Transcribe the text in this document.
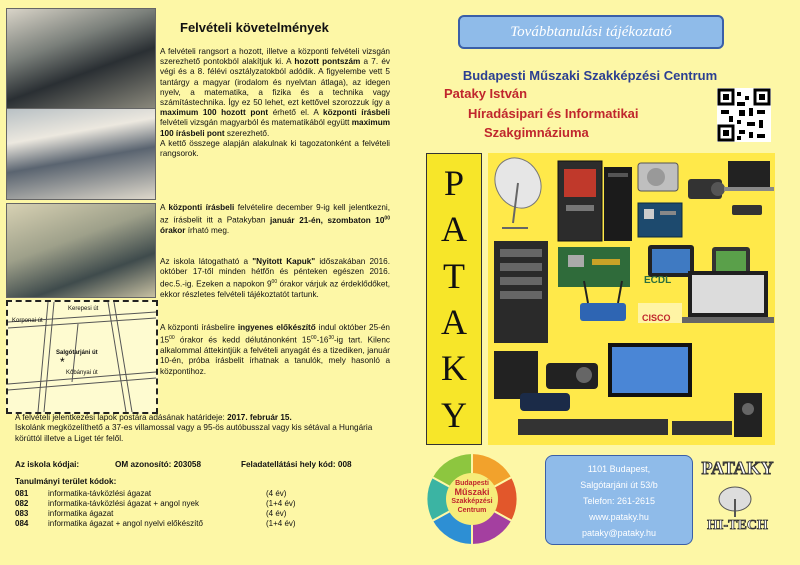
Felvételi követelmények
A felvételi rangsort a hozott, illetve a központi felvételi vizsgán szerezhető pontokból alakítjuk ki. A hozott pontszám a 7. év végi és a 8. félévi osztályzatokból adódik. A figyelembe vett 5 tantárgy a magyar (irodalom és nyelvtan átlaga), az idegen nyelv, a matematika, a fizika és a technika vagy számítástechnika. Így ez 50 lehet, ezt kettővel szorozzuk így a maximum 100 hozott pont érhető el. A központi írásbeli felvételi vizsgán magyarból és matematikából együtt maximum 100 írásbeli pont szerezhető.
A kettő összege alapján alakulnak ki tagozatonként a felvételi rangsorok.
A központi írásbeli felvételire december 9-ig kell jelentkezni, az írásbelit itt a Patakyban január 21-én, szombaton $10^{00}$ órakor írható meg.
Az iskola látogatható a "Nyitott Kapuk" időszakában 2016. október 17-től minden hétfőn és pénteken egészen 2016. dec.5.-ig. Ezeken a napokon $9^{00}$ órakor várjuk az érdeklődőket, ekkor részletes felvételi tájékoztatót tartunk.
A központi írásbelire ingyenes előkészítő indul október 25-én $15^{00}$ órakor és kedd délutánonként $15^{00}-16^{30}-ig$ tart. Kilenc alkalommal áttekintjük a felvételi anyagát és a tizediken, január 10-én, próba írásbelit írhatnak a tanulók, mely hasonló a központihoz.
*
Kerepesi út
Korponai út
Salgótarjáni út
Kőbányai út
A felvételi jelentkezési lapok postára adásának határideje: 2017. február 15.
Iskolánk megközelíthető a 37-es villamossal vagy a 95-ös autóbusszal vagy kis sétával a Hungária körúttól illetve a Liget tér felől.
Az iskola kódjai:	OM azonosító: 203058	Feladatellátási hely kód: 008
Tanulmányi terület kódok:
081	informatika-távközlési ágazat	(4 év)
082	informatika-távközlési ágazat + angol nyek	(1+4 év)
083	informatika ágazat	(4 év)
084	informatika ágazat + angol nyelvi előkészítő	(1+4 év)
Továbbtanulási tájékoztató
Budapesti Műszaki Szakképzési Centrum
Pataky István
Híradásipari és Informatikai
Szakgimnáziuma
P
A
T
A
K
Y
ECDL
CISCO
Budapesti
Műszaki
Szakképzési
Centrum
1101 Budapest,
Salgótarjáni út 53/b
Telefon: 261-2615
www.pataky.hu
pataky@pataky.hu
PATAKY
HI-TECH
